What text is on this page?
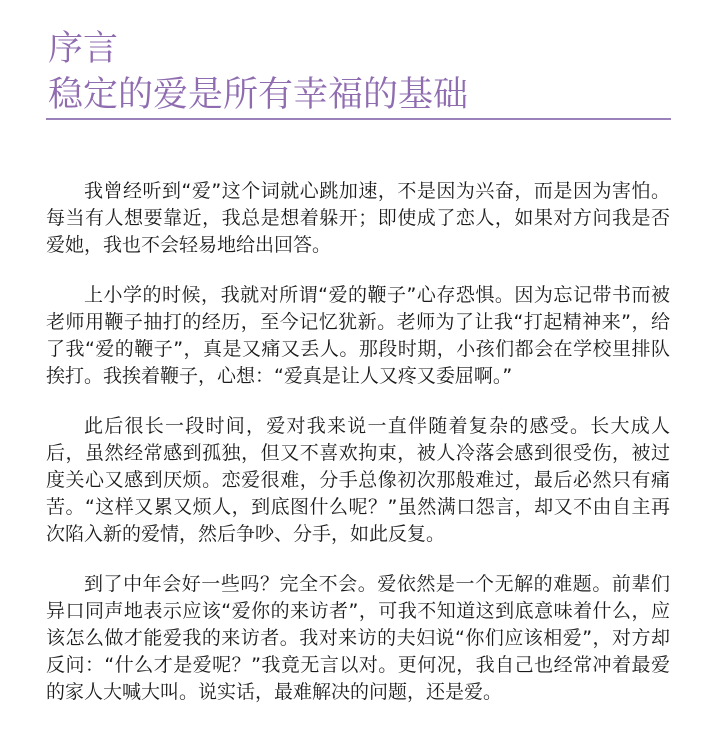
序言
稳定的爱是所有幸福的基础

我曾经听到“爱”这个词就心跳加速，不是因为兴奋，而是因为害怕。每当有人想要靠近，我总是想着躲开；即使成了恋人，如果对方问我是否爱她，我也不会轻易地给出回答。

上小学的时候，我就对所谓“爱的鞭子”心存恐惧。因为忘记带书而被老师用鞭子抽打的经历，至今记忆犹新。老师为了让我“打起精神来”，给了我“爱的鞭子”，真是又痛又丢人。那段时期，小孩们都会在学校里排队挨打。我挨着鞭子，心想：“爱真是让人又疼又委屈啊。”

此后很长一段时间，爱对我来说一直伴随着复杂的感受。长大成人后，虽然经常感到孤独，但又不喜欢拘束，被人冷落会感到很受伤，被过度关心又感到厌烦。恋爱很难，分手总像初次那般难过，最后必然只有痛苦。“这样又累又烦人，到底图什么呢？”虽然满口怨言，却又不由自主再次陷入新的爱情，然后争吵、分手，如此反复。

到了中年会好一些吗？完全不会。爱依然是一个无解的难题。前辈们异口同声地表示应该“爱你的来访者”，可我不知道这到底意味着什么，应该怎么做才能爱我的来访者。我对来访的夫妇说“你们应该相爱”，对方却反问：“什么才是爱呢？”我竟无言以对。更何况，我自己也经常冲着最爱的家人大喊大叫。说实话，最难解决的问题，还是爱。
